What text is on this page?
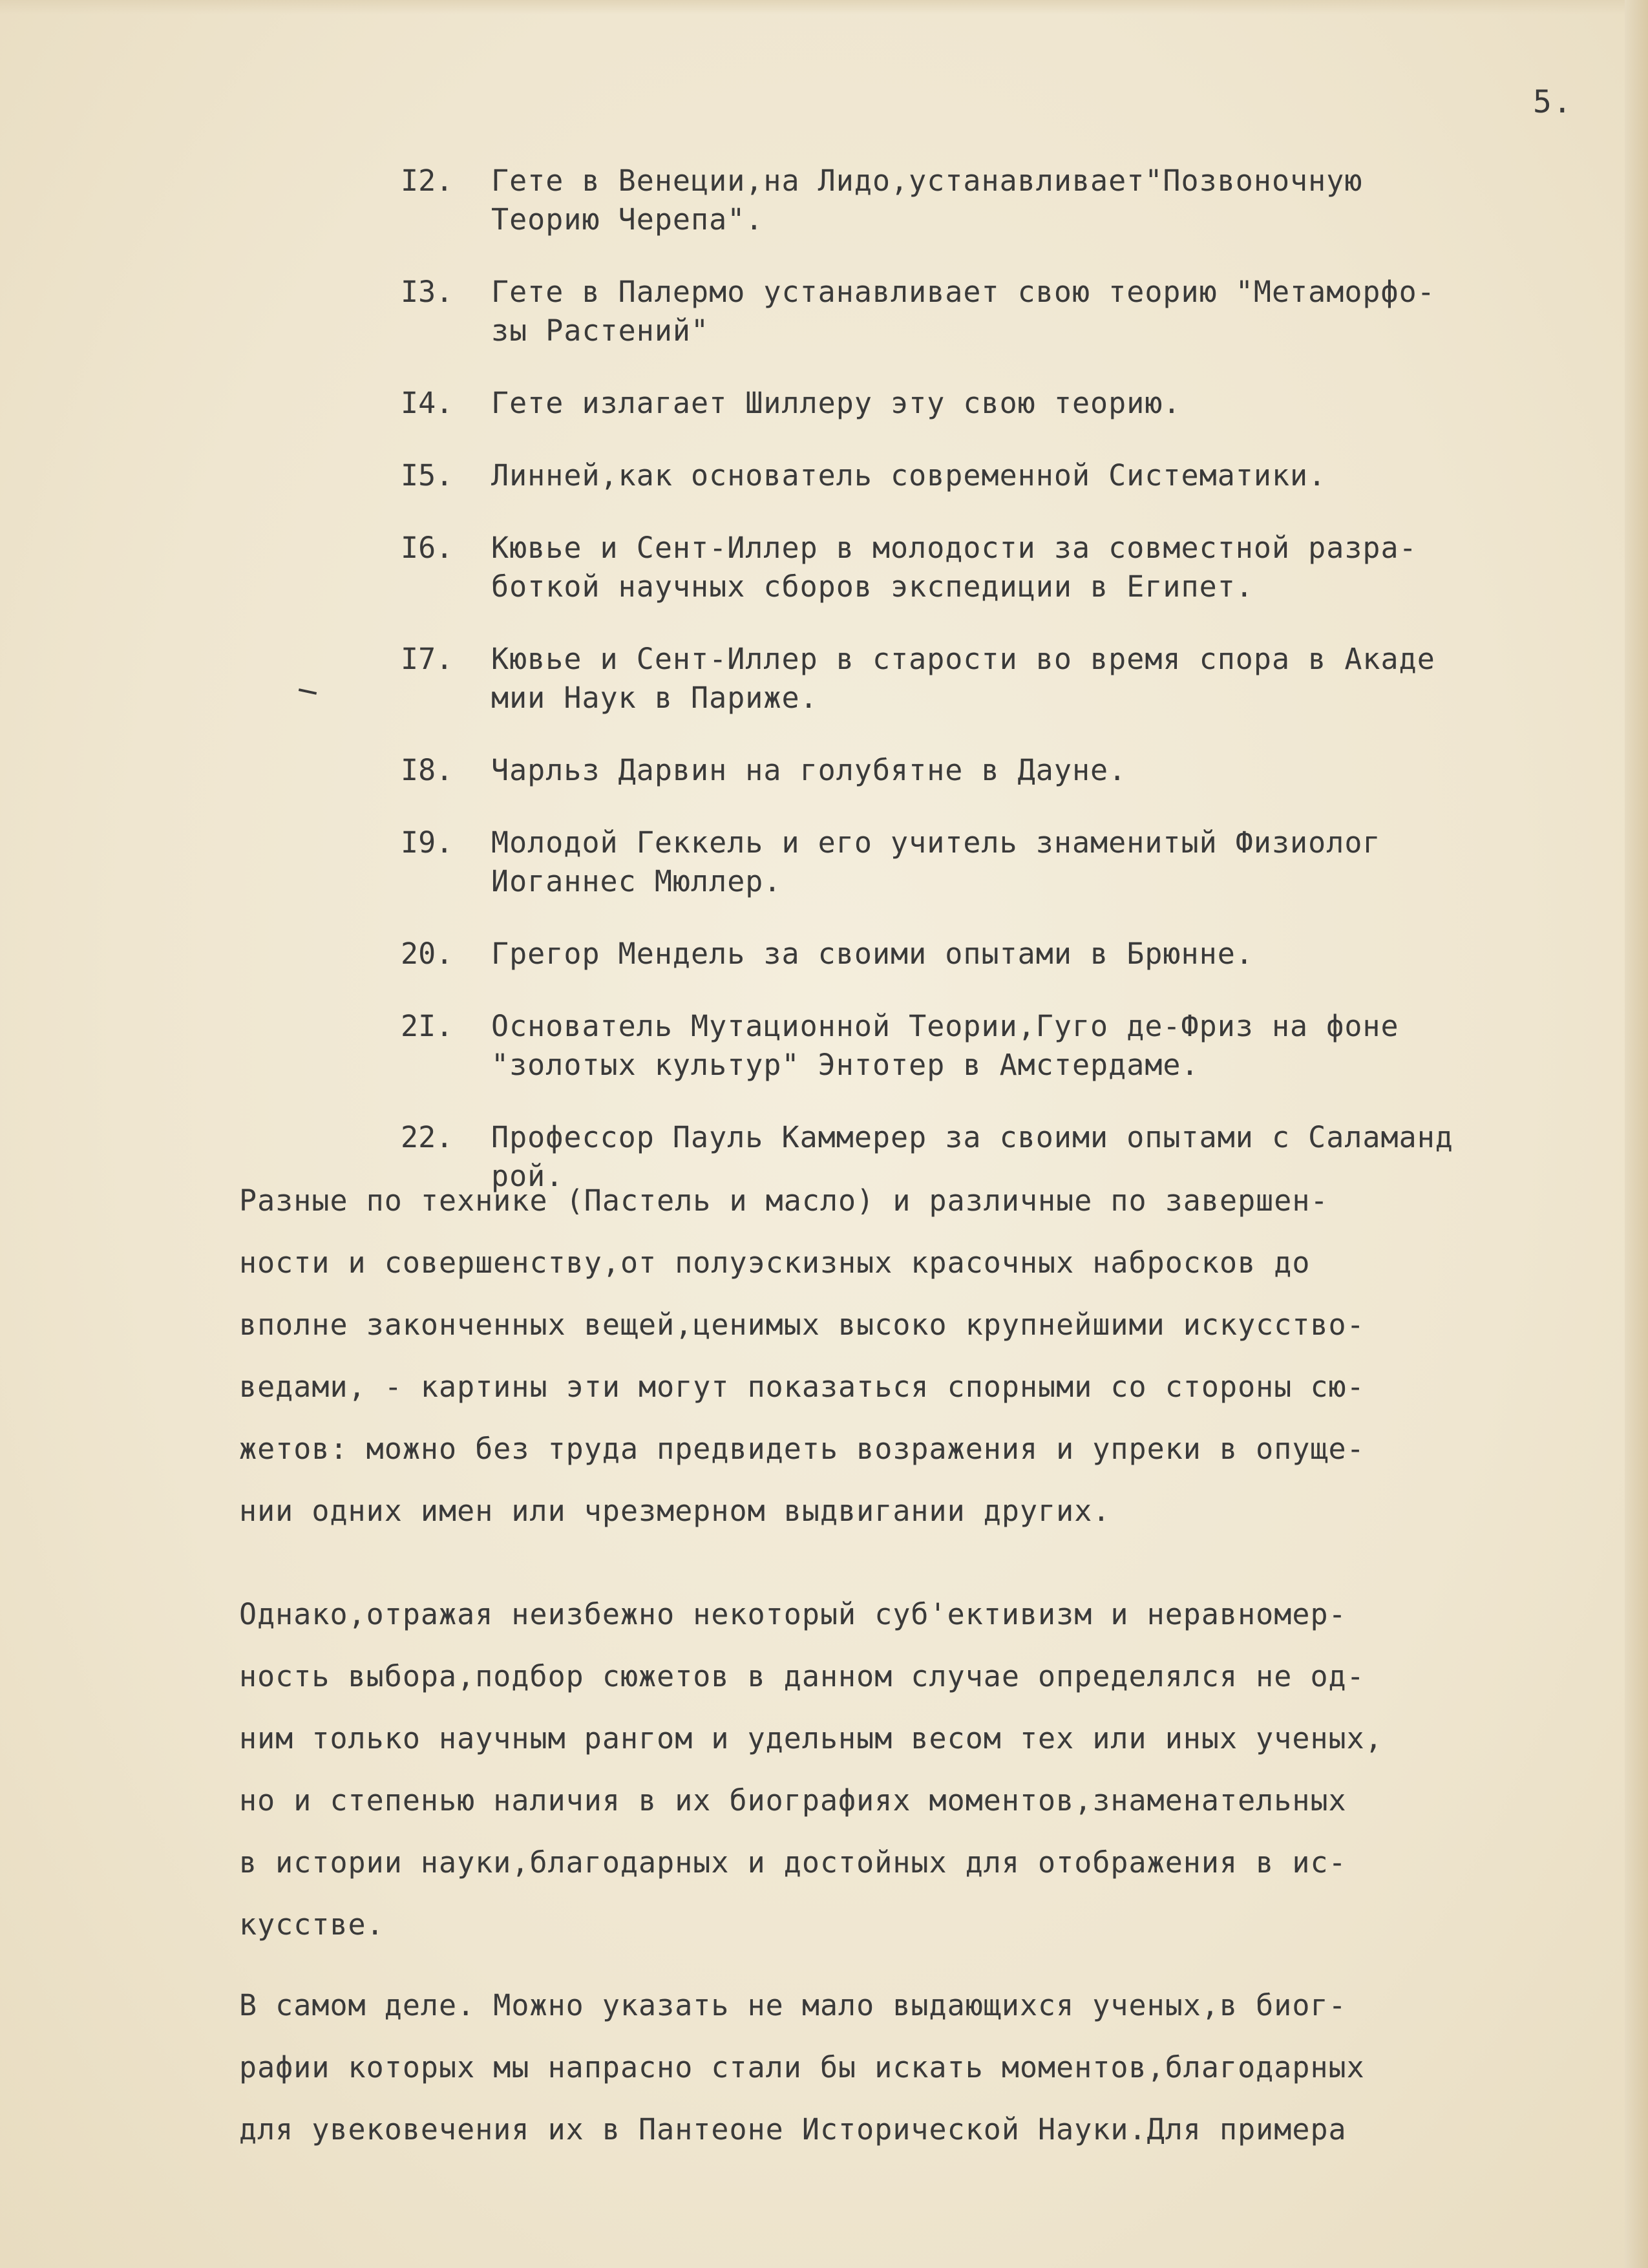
5.
I2.	Гете в Венеции,на Лидо,устанавливает"Позвоночную
Теорию Черепа".
I3.	Гете в Палермо устанавливает свою теорию "Метаморфо-
зы Растений"
I4.	Гете излагает Шиллеру эту свою теорию.
I5.	Линней,как основатель современной Систематики.
I6.	Кювье и Сент-Иллер в молодости за совместной разра-
боткой научных сборов экспедиции в Египет.
I7.	Кювье и Сент-Иллер в старости во время спора в Акаде
мии Наук в Париже.
I8.	Чарльз Дарвин на голубятне в Дауне.
I9.	Молодой Геккель и его учитель знаменитый Физиолог
Иоганнес Мюллер.
20.	Грегор Мендель за своими опытами в Брюнне.
2I.	Основатель Мутационной Теории,Гуго де-Фриз на фоне
"золотых культур" Энтотер в Амстердаме.
22.	Профессор Пауль Каммерер за своими опытами с Саламанд
рой.
Разные по технике (Пастель и масло) и различные по завершен-
ности и совершенству,от полуэскизных красочных набросков до
вполне законченных вещей,ценимых высоко крупнейшими искусство-
ведами, - картины эти могут показаться спорными со стороны сю-
жетов: можно без труда предвидеть возражения и упреки в опуще-
нии одних имен или чрезмерном выдвигании других.
Однако,отражая неизбежно некоторый суб'ективизм и неравномер-
ность выбора,подбор сюжетов в данном случае определялся не од-
ним только научным рангом и удельным весом тех или иных ученых,
но и степенью наличия в их биографиях моментов,знаменательных
в истории науки,благодарных и достойных для отображения в ис-
кусстве.
В самом деле. Можно указать не мало выдающихся ученых,в биог-
рафии которых мы напрасно стали бы искать моментов,благодарных
для увековечения их в Пантеоне Исторической Науки.Для примера
